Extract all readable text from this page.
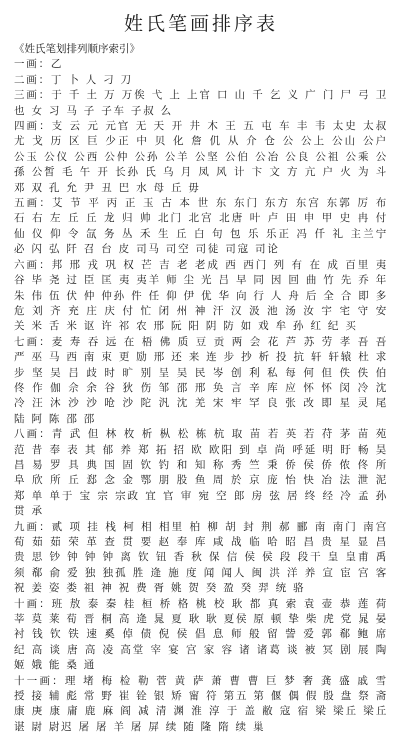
姓氏笔画排序表

《姓氏笔划排列顺序索引》

一画：乙

二画：丁 卜 人 刁 刀

三画：于 千 土 万 万俟 弋 上 上官 口 山 千 乞 义 广 门 尸 弓 卫 也 女 习 马 子 子车 子叔 么

四画：支 云 元 元官 无 天 开 井 木 王 五 屯 车 丰 韦 太史 太叔 尤 戈 历 区 巨 少正 中 贝 化 詹 仉 从 介 仓 公 公上 公山 公户 公玉 公仪 公西 公仲 公孙 公羊 公坚 公伯 公冶 公良 公祖 公乘 公孫 公皙 毛 午 开 长孙 氏 乌 月 凤 风 计 卞 文 方 亢 户 火 为 斗 邓 双 孔 允 尹 丑 巴 水 母 丘 毋

五画：艾 节 平 丙 正 玉 古 本 世 东 东门 东方 东宫 东郭 厉 布 石 右 左 丘 丘 龙 归 帅 北门 北宫 北唐 叶 卢 田 申 甲 史 冉 付 仙 仪 仰 令 氙 务 丛 禾 生 丘 白 句 包 乐 乐正 冯 仟 礼 主兰宁 必 闪 弘 阡 召 台 皮 司马 司空 司徒 司寇 司论

六画：邦 邢 戎 巩 权 芒 吉 老 老成 西 西门 列 有 在 成 百里 夷 谷 毕 尧 过 臣 匡 夷 夷羊 师 尘 光 吕 早 同 因 回 曲 竹 先 乔 年 朱 伟 伍 伏 仲 仲孙 件 任 仰 伊 优 华 向 行 人 舟 后 全 合 即 多 危 刘 齐 充 庄 庆 付 忙 闭 州 神 汗 汉 汲 池 汤 汝 宇 宅 守 安 关 米 舌 米 讴 许 祁 农 邢 阮 阳 阴 防 如 戏 牟 孙 红 纪 买

七画：麦 寿 吞 远 在 梧 佛 质 豆 贡 两 会 花 芦 苏 劳 孝 吾 吾 严 巫 马 西 南 束 更 励 邢 还 来 连 步 抄 析 投 抗 轩 轩辕 杜 求 步 坚 吴 吕 歧 时 旷 别 呈 吴 民 岑 创 利 私 每 何 但 佚 佚 伯 佟 作 伽 佘 余 谷 狄 伤 邹 邵 邢 奂 言 辛 库 应 怀 怀 闵 冷 沈 冷 汪 沐 沙 沙 呛 沙 陀 汎 沈 羌 宋 牢 罕 良 张 改 即 星 灵 尾 陆 阿 陈 邵 邵

八画：青 武 但 林 枚 析 枞 松 栋 杭 取 苗 若 英 若 苻 茅 苗 苑 范 昔 奉 表 其 郁 养 郑 拓 招 欧 欧阳 到 卓 尚 呼延 明 盱 畅 昊 昌 易 罗 具 典 国 固 钦 钓 和 知 称 秀 竺 秉 侨 侯 侨 侬 佟 所 阜 欣 所 丘 郄 念 金 鄂 朋 股 鱼 周 於 京 庞 怡 快 冶 法 泄 泥 郑 单 单于 宝 宗 宗政 宜 官 审 宛 空 郎 房 弦 居 终 经 冷 孟 孙 贯 承

九画：贰 项 挂 栈 柯 相 相里 柏 柳 胡 封 荆 郝 郦 南 南门 南宫 荀 茹 茹 荣 革 查 贯 要 赵 奉 库 咸 战 临 哈 昭 昌 贵 星 显 昌 贵 思 钞 钟 钟 钟 离 钦 钮 香 秋 保 信 侯 侯 段 段干 皇 皇甫 禹 须 郗 俞 爱 独 独孤 胜 逄 施 度 闻 闻人 闽 洪 洋 养 宣 宦 宫 客 祝 姜 姿 娄 祖 神 祝 费 胥 姚 贺 癸 盈 癸 羿 统 骆

十画：班 敖 泰 秦 桂 桓 桥 格 桃 校 耿 都 真 索 袁 壶 恭 莲 荷 莘 莫 莱 荀 晋 桐 高 逄 晁 夏 耿 耿 夏侯 原 顿 挚 柴 虎 党 晁 晏 衬 钱 钦 铁 速 奚 倬 债 倪 侯 倡 息 师 般 留 訾 爱 郭 郗 鲍 席 纪 高 谈 唐 高 凌 高堂 宰 宴 宫 家 容 诸 诸葛 谈 被 冥 剧 展 陶 姬 娥 能 桑 通

十一画：理 堵 梅 检 勒 菅 黄 萨 萧 曹 曹 巨 梦 奢 龚 盛 戚 雪 授 接 辅 彪 常 野 崔 铨 银 矫 甯 符 第五 第 偃 偶 假 殷 盘 祭 斋 康 庚 康 庸 鹿 麻 阎 减 清 渊 淮 淳 于 盖 敝 寇 宿 梁 梁丘 梁丘 谌 尉 尉迟 屠 屠 羊 屠 屏 续 随 隆 隋 续 巢
